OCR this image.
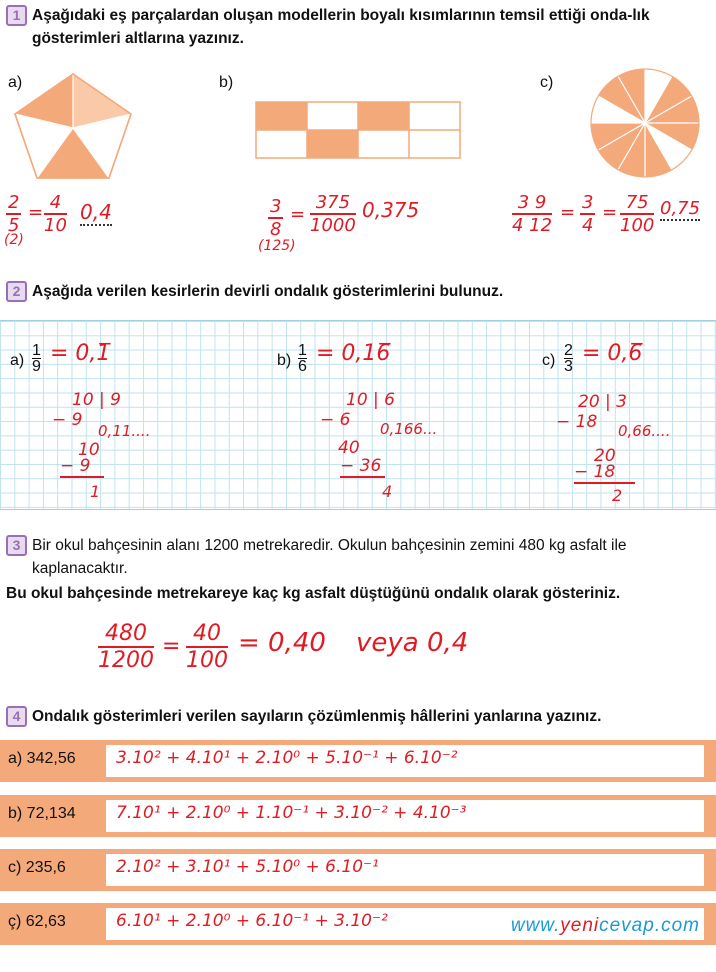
1 Aşağıdaki eş parçalardan oluşan modellerin boyalı kısımlarının temsil ettiği onda-lık gösterimleri altlarına yazınız.
a)	b)	c)
$\frac{2}{5} = \frac{4}{10} 0,4$
(2)	$\frac{3}{8} = \frac{375}{1000} 0,375$
(125)
$\frac{3 9}{4 12} = \frac{3}{4} = \frac{75}{100} 0,75$
2 Aşağıda verilen kesirlerin devirli ondalık gösterimlerini bulunuz.
a)
1
9
= 0,1̅
10 | 9
− 9
0,11....
10
− 9
1
b)
1
6
= 0,16̅
10 | 6
− 6 0,166...
40
− 36
4
c)
2
3
= 0,6̅
20 | 3
− 18 0,66....
20
− 18
2
3 Bir okul bahçesinin alanı 1200 metrekaredir. Okulun bahçesinin zemini 480 kg asfalt ile kaplanacaktır.
Bu okul bahçesinde metrekareye kaç kg asfalt düştüğünü ondalık olarak gösteriniz.
$\frac{480}{1200} = \frac{40}{100} = 0,40$ veya 0,4
4 Ondalık gösterimleri verilen sayıların çözümlenmiş hâllerini yanlarına yazınız.
a) 342,56 3.10² + 4.10¹ + 2.10⁰ + 5.10⁻¹ + 6.10⁻²
b) 72,134 7.10¹ + 2.10⁰ + 1.10⁻¹ + 3.10⁻² + 4.10⁻³
c) 235,6	2.10² + 3.10¹ + 5.10⁰ + 6.10⁻¹
ç) 62,63	6.10¹ + 2.10⁰ + 6.10⁻¹ + 3.10⁻²	www.yenicevap.com
